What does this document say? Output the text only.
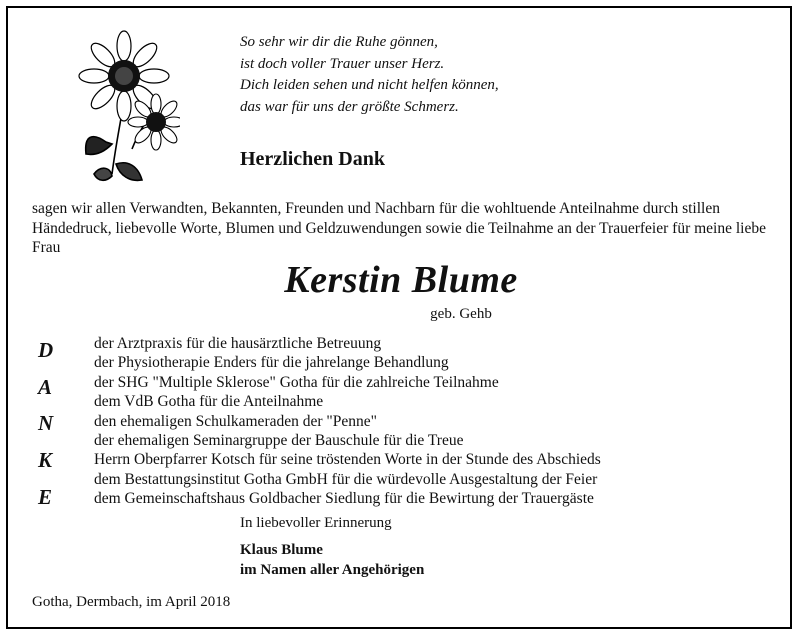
So sehr wir dir die Ruhe gönnen,
ist doch voller Trauer unser Herz.
Dich leiden sehen und nicht helfen können,
das war für uns der größte Schmerz.
Herzlichen Dank
sagen wir allen Verwandten, Bekannten, Freunden und Nachbarn für die wohltuende Anteilnahme durch stillen Händedruck, liebevolle Worte, Blumen und Geldzuwendungen sowie die Teilnahme an der Trauerfeier für meine liebe Frau
Kerstin Blume
geb. Gehb
D
A
N
K
E
der Arztpraxis für die hausärztliche Betreuung
der Physiotherapie Enders für die jahrelange Behandlung
der SHG "Multiple Sklerose" Gotha für die zahlreiche Teilnahme
dem VdB Gotha für die Anteilnahme
den ehemaligen Schulkameraden der "Penne"
der ehemaligen Seminargruppe der Bauschule für die Treue
Herrn Oberpfarrer Kotsch für seine tröstenden Worte in der Stunde des Abschieds
dem Bestattungsinstitut Gotha GmbH für die würdevolle Ausgestaltung der Feier
dem Gemeinschaftshaus Goldbacher Siedlung für die Bewirtung der Trauergäste
In liebevoller Erinnerung
Klaus Blume
im Namen aller Angehörigen
Gotha, Dermbach, im April 2018
